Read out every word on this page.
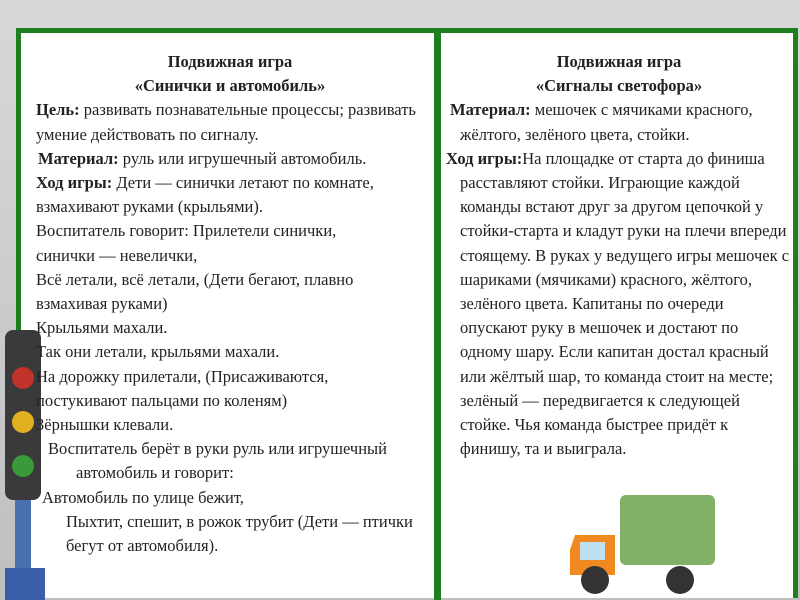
Подвижная игра
«Синички и автомобиль»

Цель: развивать познавательные процессы; развивать умение действовать по сигналу.

Материал: руль или игрушечный автомобиль.

Ход игры: Дети — синички летают по комнате, взмахивают руками (крыльями).

Воспитатель говорит: Прилетели синички,
синички — невелички,
Всё летали, всё летали, (Дети бегают, плавно
взмахивая руками)
Крыльями махали.
Так они летали, крыльями махали.
На дорожку прилетали, (Присаживаются,
постукивают пальцами по коленям)
Зёрнышки клевали.

Воспитатель берёт в руки руль или игрушечный автомобиль и говорит:

Автомобиль по улице бежит,

Пыхтит, спешит, в рожок трубит (Дети — птички бегут от автомобиля).

Подвижная игра
«Сигналы светофора»

Материал: мешочек с мячиками красного, жёлтого, зелёного цвета, стойки.

Ход игры:На площадке от старта до финиша расставляют стойки. Играющие каждой команды встают друг за другом цепочкой у стойки-старта и кладут руки на плечи впереди стоящему. В руках у ведущего игры мешочек с шариками (мячиками) красного, жёлтого, зелёного цвета. Капитаны по очереди опускают руку в мешочек и достают по одному шару. Если капитан достал красный или жёлтый шар, то команда стоит на месте; зелёный — передвигается к следующей стойке. Чья команда быстрее придёт к финишу, та и выиграла.
